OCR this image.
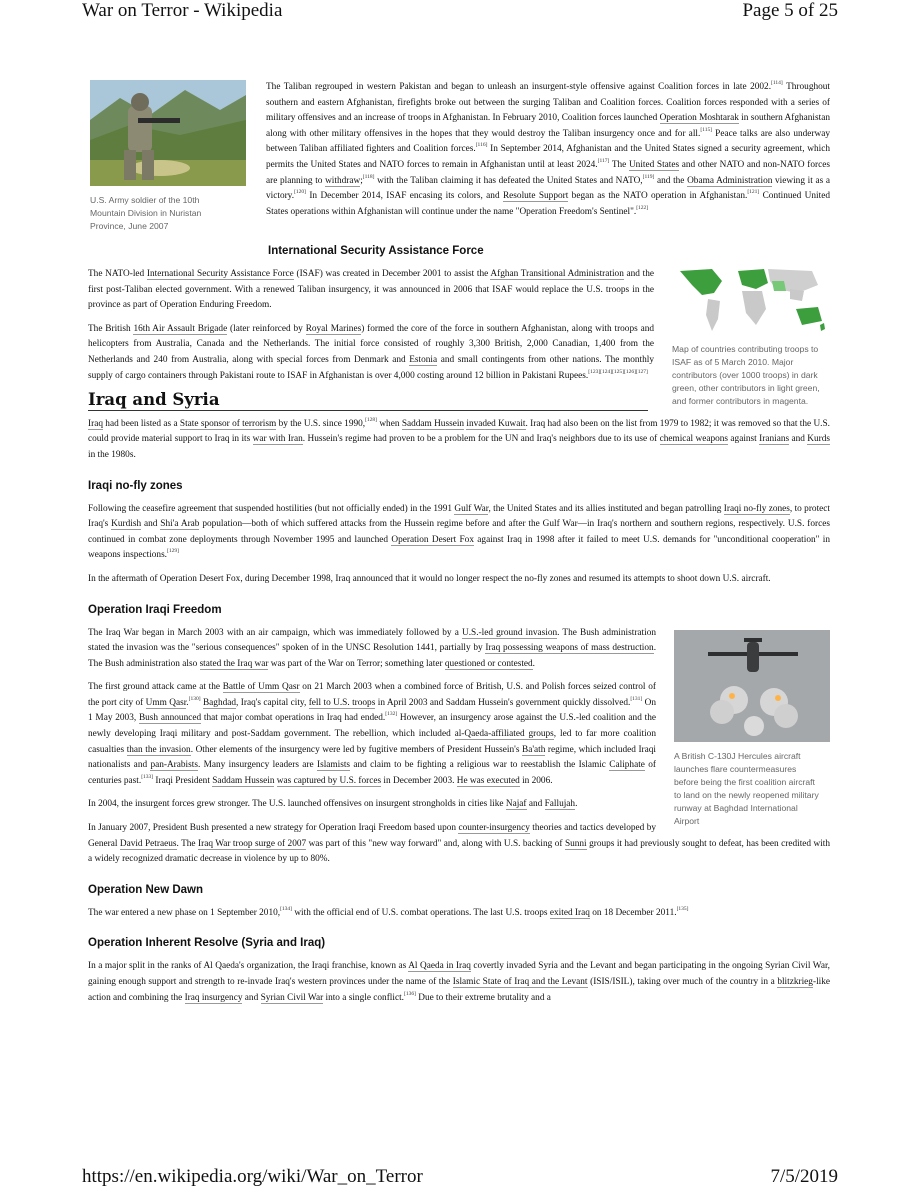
War on Terror - Wikipedia	Page 5 of 25
U.S. Army soldier of the 10th Mountain Division in Nuristan Province, June 2007

The Taliban regrouped in western Pakistan and began to unleash an insurgent-style offensive against Coalition forces in late 2002.[114] Throughout southern and eastern Afghanistan, firefights broke out between the surging Taliban and Coalition forces. Coalition forces responded with a series of military offensives and an increase of troops in Afghanistan. In February 2010, Coalition forces launched Operation Moshtarak in southern Afghanistan along with other military offensives in the hopes that they would destroy the Taliban insurgency once and for all.[115] Peace talks are also underway between Taliban affiliated fighters and Coalition forces.[116] In September 2014, Afghanistan and the United States signed a security agreement, which permits the United States and NATO forces to remain in Afghanistan until at least 2024.[117] The United States and other NATO and non-NATO forces are planning to withdraw;[118] with the Taliban claiming it has defeated the United States and NATO,[119] and the Obama Administration viewing it as a victory.[120] In December 2014, ISAF encasing its colors, and Resolute Support began as the NATO operation in Afghanistan.[121] Continued United States operations within Afghanistan will continue under the name "Operation Freedom's Sentinel".[122]

International Security Assistance Force
Map of countries contributing troops to ISAF as of 5 March 2010. Major contributors (over 1000 troops) in dark green, other contributors in light green, and former contributors in magenta.

The NATO-led International Security Assistance Force (ISAF) was created in December 2001 to assist the Afghan Transitional Administration and the first post-Taliban elected government. With a renewed Taliban insurgency, it was announced in 2006 that ISAF would replace the U.S. troops in the province as part of Operation Enduring Freedom.

The British 16th Air Assault Brigade (later reinforced by Royal Marines) formed the core of the force in southern Afghanistan, along with troops and helicopters from Australia, Canada and the Netherlands. The initial force consisted of roughly 3,300 British, 2,000 Canadian, 1,400 from the Netherlands and 240 from Australia, along with special forces from Denmark and Estonia and small contingents from other nations. The monthly supply of cargo containers through Pakistani route to ISAF in Afghanistan is over 4,000 costing around 12 billion in Pakistani Rupees.[123][124][125][126][127]

Iraq and Syria

Iraq had been listed as a State sponsor of terrorism by the U.S. since 1990,[128] when Saddam Hussein invaded Kuwait. Iraq had also been on the list from 1979 to 1982; it was removed so that the U.S. could provide material support to Iraq in its war with Iran. Hussein's regime had proven to be a problem for the UN and Iraq's neighbors due to its use of chemical weapons against Iranians and Kurds in the 1980s.

Iraqi no-fly zones

Following the ceasefire agreement that suspended hostilities (but not officially ended) in the 1991 Gulf War, the United States and its allies instituted and began patrolling Iraqi no-fly zones, to protect Iraq's Kurdish and Shi'a Arab population—both of which suffered attacks from the Hussein regime before and after the Gulf War—in Iraq's northern and southern regions, respectively. U.S. forces continued in combat zone deployments through November 1995 and launched Operation Desert Fox against Iraq in 1998 after it failed to meet U.S. demands for "unconditional cooperation" in weapons inspections.[129]

In the aftermath of Operation Desert Fox, during December 1998, Iraq announced that it would no longer respect the no-fly zones and resumed its attempts to shoot down U.S. aircraft.

Operation Iraqi Freedom
A British C-130J Hercules aircraft launches flare countermeasures before being the first coalition aircraft to land on the newly reopened military runway at Baghdad International Airport

The Iraq War began in March 2003 with an air campaign, which was immediately followed by a U.S.-led ground invasion. The Bush administration stated the invasion was the "serious consequences" spoken of in the UNSC Resolution 1441, partially by Iraq possessing weapons of mass destruction. The Bush administration also stated the Iraq war was part of the War on Terror; something later questioned or contested.

The first ground attack came at the Battle of Umm Qasr on 21 March 2003 when a combined force of British, U.S. and Polish forces seized control of the port city of Umm Qasr.[130] Baghdad, Iraq's capital city, fell to U.S. troops in April 2003 and Saddam Hussein's government quickly dissolved.[131] On 1 May 2003, Bush announced that major combat operations in Iraq had ended.[132] However, an insurgency arose against the U.S.-led coalition and the newly developing Iraqi military and post-Saddam government. The rebellion, which included al-Qaeda-affiliated groups, led to far more coalition casualties than the invasion. Other elements of the insurgency were led by fugitive members of President Hussein's Ba'ath regime, which included Iraqi nationalists and pan-Arabists. Many insurgency leaders are Islamists and claim to be fighting a religious war to reestablish the Islamic Caliphate of centuries past.[133] Iraqi President Saddam Hussein was captured by U.S. forces in December 2003. He was executed in 2006.

In 2004, the insurgent forces grew stronger. The U.S. launched offensives on insurgent strongholds in cities like Najaf and Fallujah.

In January 2007, President Bush presented a new strategy for Operation Iraqi Freedom based upon counter-insurgency theories and tactics developed by General David Petraeus. The Iraq War troop surge of 2007 was part of this "new way forward" and, along with U.S. backing of Sunni groups it had previously sought to defeat, has been credited with a widely recognized dramatic decrease in violence by up to 80%.

Operation New Dawn

The war entered a new phase on 1 September 2010,[134] with the official end of U.S. combat operations. The last U.S. troops exited Iraq on 18 December 2011.[135]

Operation Inherent Resolve (Syria and Iraq)

In a major split in the ranks of Al Qaeda's organization, the Iraqi franchise, known as Al Qaeda in Iraq covertly invaded Syria and the Levant and began participating in the ongoing Syrian Civil War, gaining enough support and strength to re-invade Iraq's western provinces under the name of the Islamic State of Iraq and the Levant (ISIS/ISIL), taking over much of the country in a blitzkrieg-like action and combining the Iraq insurgency and Syrian Civil War into a single conflict.[136] Due to their extreme brutality and a

https://en.wikipedia.org/wiki/War_on_Terror	7/5/2019
